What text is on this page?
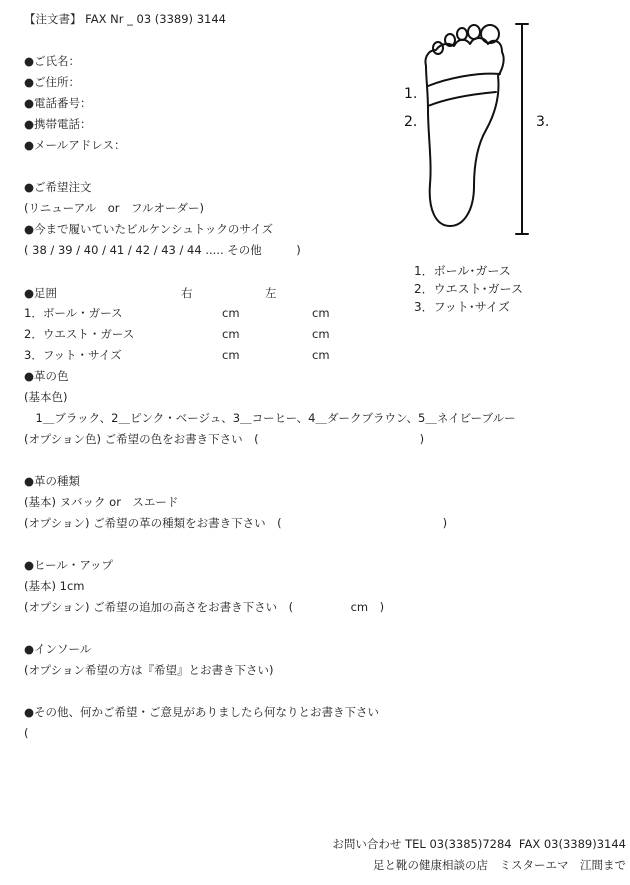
【注文書】 FAX Nr _ 03 (3389) 3144
●ご氏名：
●ご住所：
●電話番号：
●携帯電話：
●メールアドレス：
●ご希望注文
(リニューアル　or　フルオーダー)
●今まで履いていたビルケンシュトックのサイズ
( 38 / 39 / 40 / 41 / 42 / 43 / 44 ..... その他　　　)
●足囲	右	左
1．ボール・ガース	cm	cm
2．ウエスト・ガース	cm	cm
3．フット・サイズ	cm	cm
●革の色
(基本色)
　1＿ブラック、2＿ピンク・ベージュ、3＿コーヒー、4＿ダークブラウン、5＿ネイビーブルー
(オプション色) ご希望の色をお書き下さい　(　　　　　　　　　　　　　　)
●革の種類
(基本) ヌバック or　スエード
(オプション) ご希望の革の種類をお書き下さい　(　　　　　　　　　　　　　　)
●ヒール・アップ
(基本) 1cm
(オプション) ご希望の追加の高さをお書き下さい　(　　　　　cm　)
●インソール
(オプション希望の方は『希望』とお書き下さい)
●その他、何かご希望・ご意見がありましたら何なりとお書き下さい
(
1.
2.	3.
1．ボール･ガース
2．ウエスト･ガース
3．フット･サイズ
お問い合わせ TEL 03(3385)7284  FAX 03(3389)3144
足と靴の健康相談の店　ミスターエマ　江間まで
